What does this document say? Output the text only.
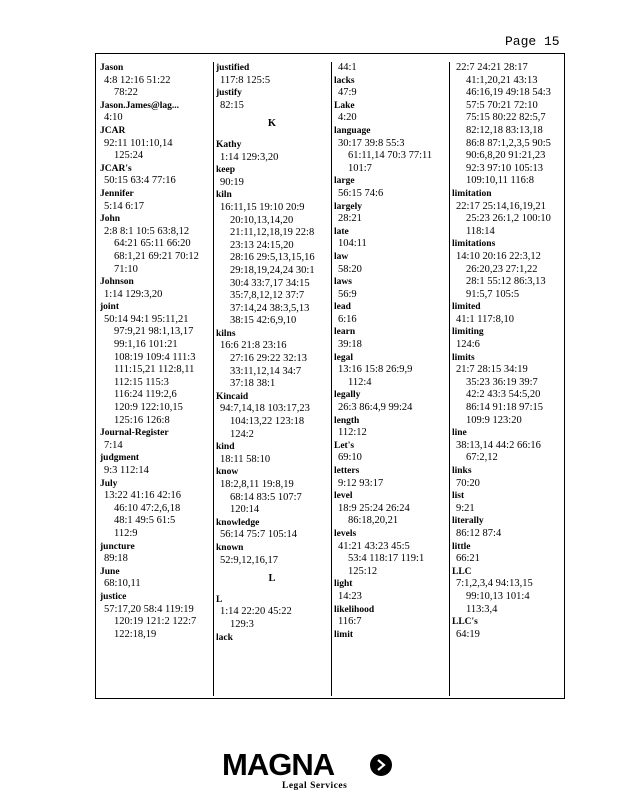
Page 15
Jason
4:8 12:16 51:22
78:22
Jason.James@lag...
4:10
JCAR
92:11 101:10,14
125:24
JCAR's
50:15 63:4 77:16
Jennifer
5:14 6:17
John
2:8 8:1 10:5 63:8,12
64:21 65:11 66:20
68:1,21 69:21 70:12
71:10
Johnson
1:14 129:3,20
joint
50:14 94:1 95:11,21
97:9,21 98:1,13,17
99:1,16 101:21
108:19 109:4 111:3
111:15,21 112:8,11
112:15 115:3
116:24 119:2,6
120:9 122:10,15
125:16 126:8
Journal-Register
7:14
judgment
9:3 112:14
July
13:22 41:16 42:16
46:10 47:2,6,18
48:1 49:5 61:5
112:9
juncture
89:18
June
68:10,11
justice
57:17,20 58:4 119:19
120:19 121:2 122:7
122:18,19
justified
117:8 125:5
justify
82:15
K
Kathy
1:14 129:3,20
keep
90:19
kiln
16:11,15 19:10 20:9
20:10,13,14,20
21:11,12,18,19 22:8
23:13 24:15,20
28:16 29:5,13,15,16
29:18,19,24,24 30:1
30:4 33:7,17 34:15
35:7,8,12,12 37:7
37:14,24 38:3,5,13
38:15 42:6,9,10
kilns
16:6 21:8 23:16
27:16 29:22 32:13
33:11,12,14 34:7
37:18 38:1
Kincaid
94:7,14,18 103:17,23
104:13,22 123:18
124:2
kind
18:11 58:10
know
18:2,8,11 19:8,19
68:14 83:5 107:7
120:14
knowledge
56:14 75:7 105:14
known
52:9,12,16,17
L
L
1:14 22:20 45:22
129:3
lack
44:1
lacks
47:9
Lake
4:20
language
30:17 39:8 55:3
61:11,14 70:3 77:11
101:7
large
56:15 74:6
largely
28:21
late
104:11
law
58:20
laws
56:9
lead
6:16
learn
39:18
legal
13:16 15:8 26:9,9
112:4
legally
26:3 86:4,9 99:24
length
112:12
Let's
69:10
letters
9:12 93:17
level
18:9 25:24 26:24
86:18,20,21
levels
41:21 43:23 45:5
53:4 118:17 119:1
125:12
light
14:23
likelihood
116:7
limit
22:7 24:21 28:17
41:1,20,21 43:13
46:16,19 49:18 54:3
57:5 70:21 72:10
75:15 80:22 82:5,7
82:12,18 83:13,18
86:8 87:1,2,3,5 90:5
90:6,8,20 91:21,23
92:3 97:10 105:13
109:10,11 116:8
limitation
22:17 25:14,16,19,21
25:23 26:1,2 100:10
118:14
limitations
14:10 20:16 22:3,12
26:20,23 27:1,22
28:1 55:12 86:3,13
91:5,7 105:5
limited
41:1 117:8,10
limiting
124:6
limits
21:7 28:15 34:19
35:23 36:19 39:7
42:2 43:3 54:5,20
86:14 91:18 97:15
109:9 123:20
line
38:13,14 44:2 66:16
67:2,12
links
70:20
list
9:21
literally
86:12 87:4
little
66:21
LLC
7:1,2,3,4 94:13,15
99:10,13 101:4
113:3,4
LLC's
64:19
MAGNA
Legal Services
